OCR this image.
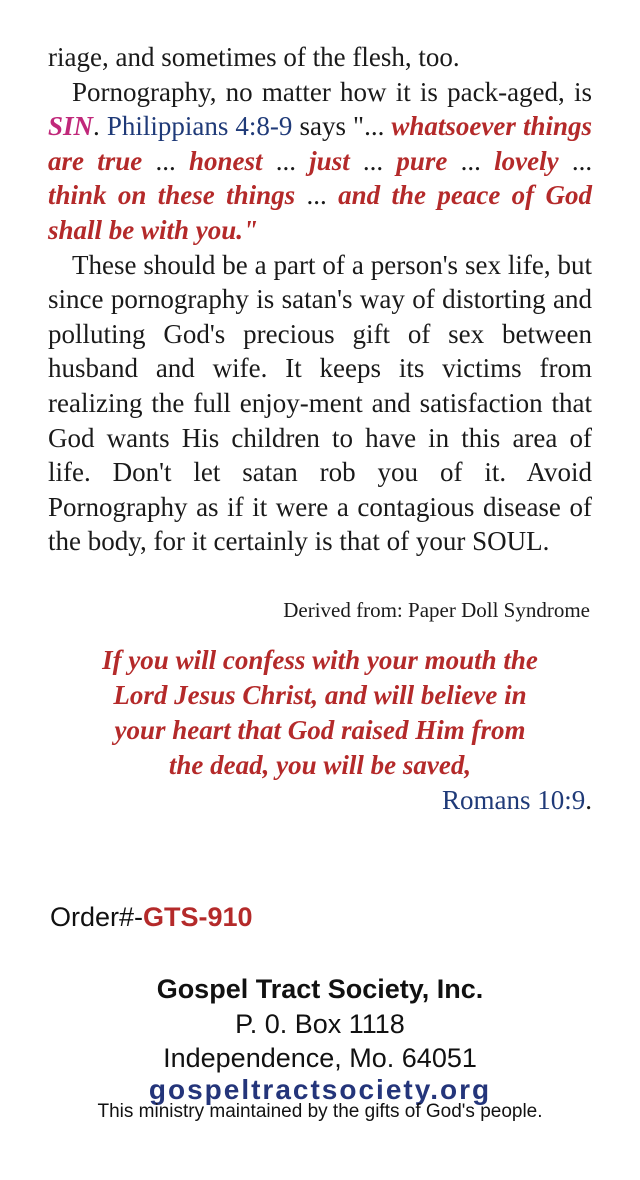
riage, and sometimes of the flesh, too.

Pornography, no matter how it is pack-aged, is SIN. Philippians 4:8-9 says "... whatsoever things are true ... honest ... just ... pure ... lovely ... think on these things ... and the peace of God shall be with you."

These should be a part of a person's sex life, but since pornography is satan's way of distorting and polluting God's precious gift of sex between husband and wife. It keeps its victims from realizing the full enjoy-ment and satisfaction that God wants His children to have in this area of life. Don't let satan rob you of it. Avoid Pornography as if it were a contagious disease of the body, for it certainly is that of your SOUL.

Derived from: Paper Doll Syndrome
If you will confess with your mouth the
Lord Jesus Christ, and will believe in
your heart that God raised Him from
the dead, you will be saved,
Romans 10:9.
Order#-GTS-910
Gospel Tract Society, Inc.
P. 0. Box 1118
Independence, Mo. 64051
gospeltractsociety.org
This ministry maintained by the gifts of God's people.
